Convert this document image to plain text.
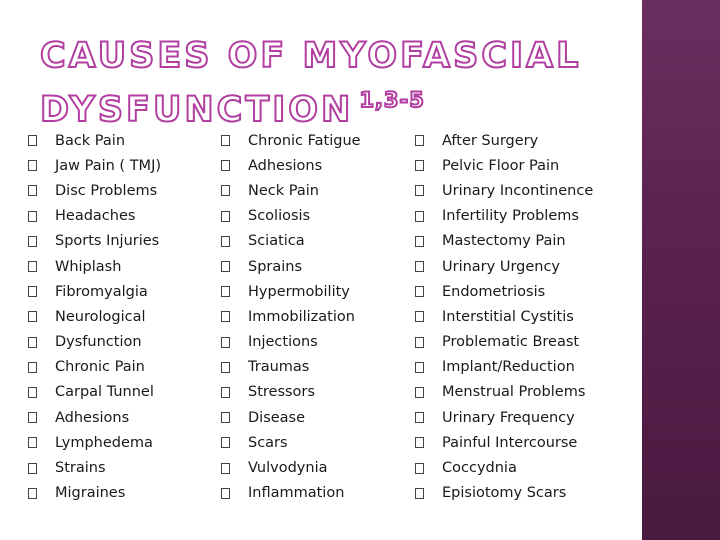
CAUSES OF MYOFASCIAL
DYSFUNCTION $^{1,3-5}$
Back Pain
Jaw Pain ( TMJ)
Disc Problems
Headaches
Sports Injuries
Whiplash
Fibromyalgia
Neurological
Dysfunction
Chronic Pain
Carpal Tunnel
Adhesions
Lymphedema
Strains
Migraines
Chronic Fatigue
Adhesions
Neck Pain
Scoliosis
Sciatica
Sprains
Hypermobility
Immobilization
Injections
Traumas
Stressors
Disease
Scars
Vulvodynia
Inflammation
After Surgery
Pelvic Floor Pain
Urinary Incontinence
Infertility Problems
Mastectomy Pain
Urinary Urgency
Endometriosis
Interstitial Cystitis
Problematic Breast
Implant/Reduction
Menstrual Problems
Urinary Frequency
Painful Intercourse
Coccydnia
Episiotomy Scars
